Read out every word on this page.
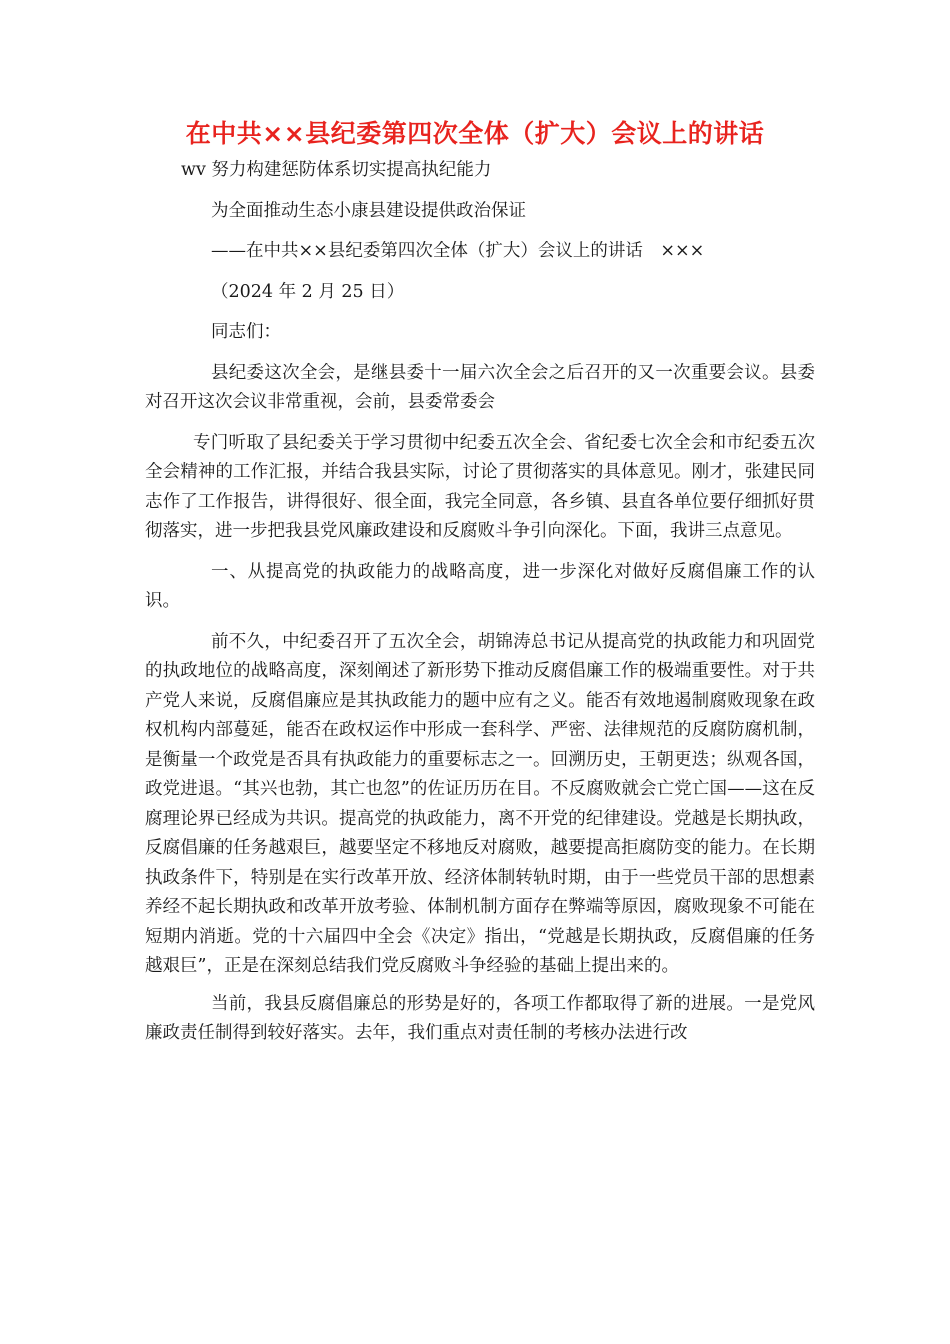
在中共××县纪委第四次全体（扩大）会议上的讲话

wv 努力构建惩防体系切实提高执纪能力

为全面推动生态小康县建设提供政治保证

——在中共××县纪委第四次全体（扩大）会议上的讲话　×××

（2024 年 2 月 25 日）

同志们：

县纪委这次全会，是继县委十一届六次全会之后召开的又一次重要会议。县委对召开这次会议非常重视，会前，县委常委会

专门听取了县纪委关于学习贯彻中纪委五次全会、省纪委七次全会和市纪委五次全会精神的工作汇报，并结合我县实际，讨论了贯彻落实的具体意见。刚才，张建民同志作了工作报告，讲得很好、很全面，我完全同意，各乡镇、县直各单位要仔细抓好贯彻落实，进一步把我县党风廉政建设和反腐败斗争引向深化。下面，我讲三点意见。

一、从提高党的执政能力的战略高度，进一步深化对做好反腐倡廉工作的认识。

前不久，中纪委召开了五次全会，胡锦涛总书记从提高党的执政能力和巩固党的执政地位的战略高度，深刻阐述了新形势下推动反腐倡廉工作的极端重要性。对于共产党人来说，反腐倡廉应是其执政能力的题中应有之义。能否有效地遏制腐败现象在政权机构内部蔓延，能否在政权运作中形成一套科学、严密、法律规范的反腐防腐机制，是衡量一个政党是否具有执政能力的重要标志之一。回溯历史，王朝更迭；纵观各国，政党进退。“其兴也勃，其亡也忽”的佐证历历在目。不反腐败就会亡党亡国——这在反腐理论界已经成为共识。提高党的执政能力，离不开党的纪律建设。党越是长期执政，反腐倡廉的任务越艰巨，越要坚定不移地反对腐败，越要提高拒腐防变的能力。在长期执政条件下，特别是在实行改革开放、经济体制转轨时期，由于一些党员干部的思想素养经不起长期执政和改革开放考验、体制机制方面存在弊端等原因，腐败现象不可能在短期内消逝。党的十六届四中全会《决定》指出，“党越是长期执政，反腐倡廉的任务越艰巨”，正是在深刻总结我们党反腐败斗争经验的基础上提出来的。

当前，我县反腐倡廉总的形势是好的，各项工作都取得了新的进展。一是党风廉政责任制得到较好落实。去年，我们重点对责任制的考核办法进行改
